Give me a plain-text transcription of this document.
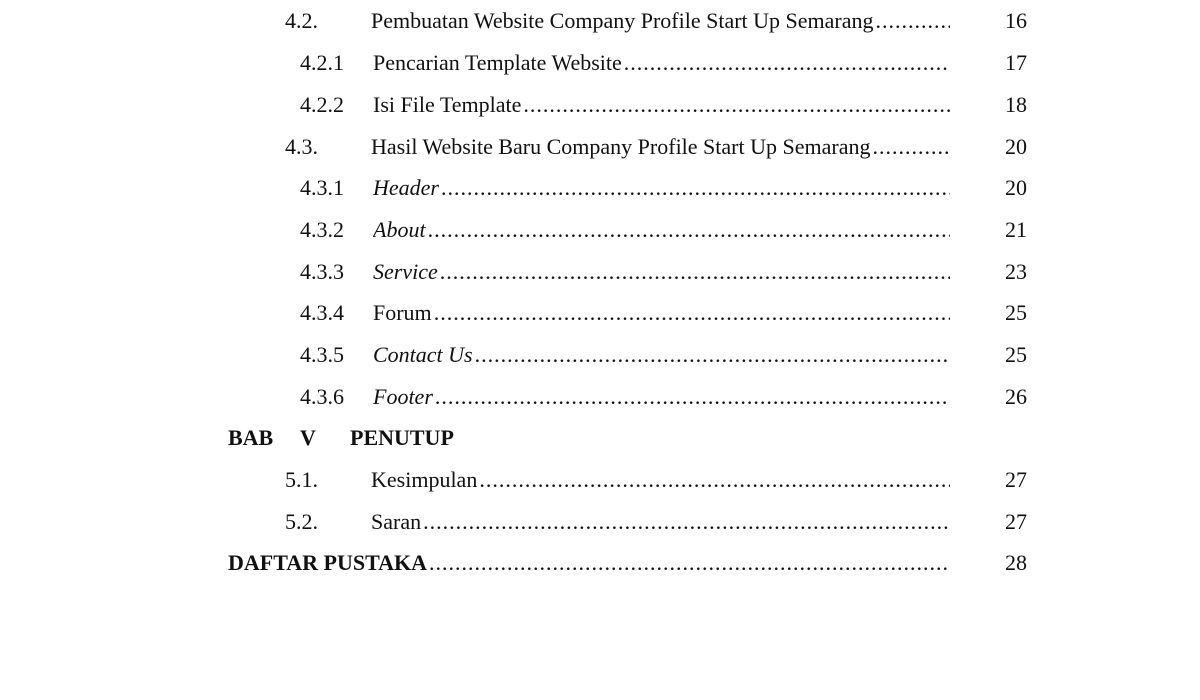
4.2. Pembuatan Website Company Profile Start Up Semarang .....	16
4.2.1 Pencarian Template Website .....	17
4.2.2 Isi File Template .....	18
4.3. Hasil Website Baru Company Profile Start Up Semarang .....	20
4.3.1 Header .....	20
4.3.2 About .....	21
4.3.3 Service .....	23
4.3.4 Forum .....	25
4.3.5 Contact Us .....	25
4.3.6 Footer .....	26
BAB V PENUTUP
5.1. Kesimpulan .....	27
5.2. Saran .....	27
DAFTAR PUSTAKA .....	28
